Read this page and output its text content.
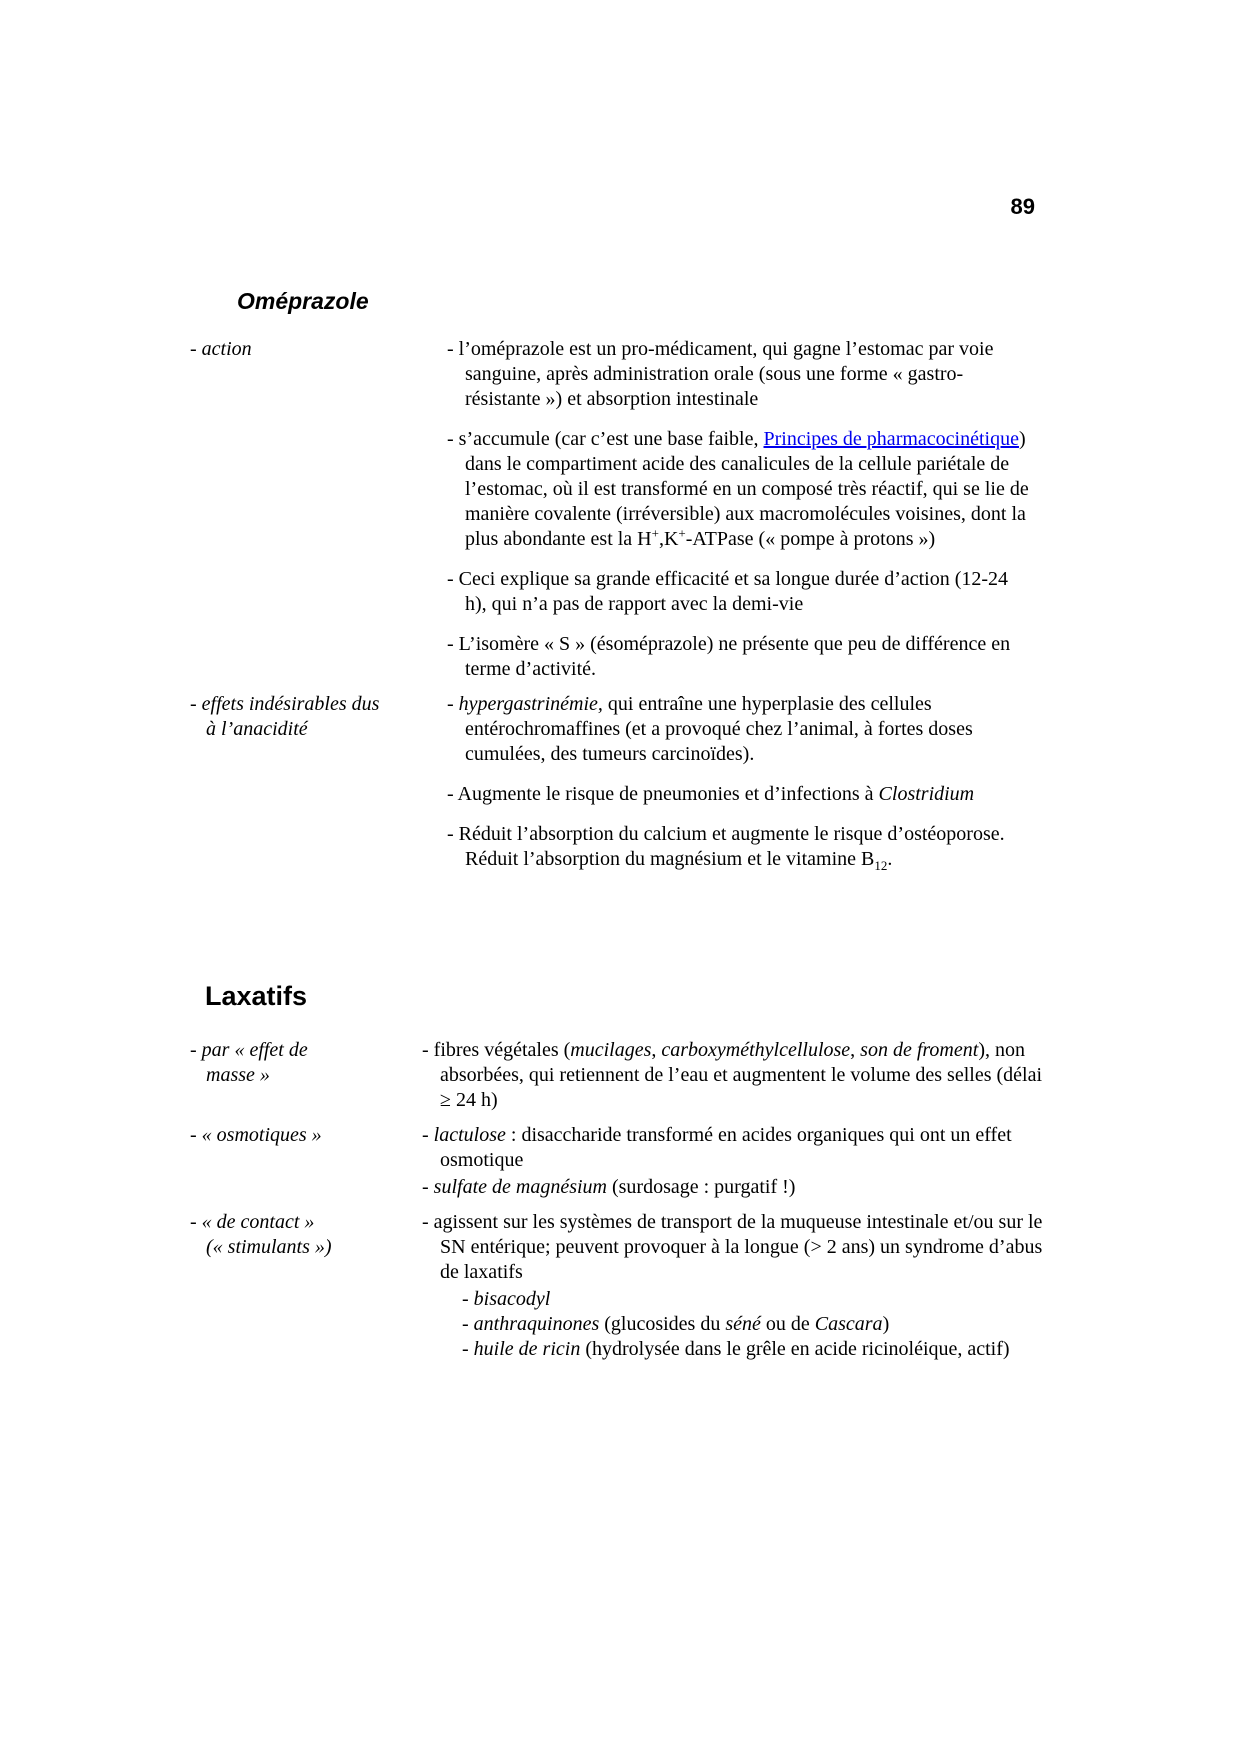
89
Oméprazole
- action	- l’oméprazole est un pro-médicament, qui gagne l’estomac par voie sanguine, après administration orale (sous une forme « gastro-résistante ») et absorption intestinale

- s’accumule (car c’est une base faible, Principes de pharmacocinétique) dans le compartiment acide des canalicules de la cellule pariétale de l’estomac, où il est transformé en un composé très réactif, qui se lie de manière covalente (irréversible) aux macromolécules voisines, dont la plus abondante est la H+,K+-ATPase (« pompe à protons »)

- Ceci explique sa grande efficacité et sa longue durée d’action (12-24 h), qui n’a pas de rapport avec la demi-vie

- L’isomère « S » (ésoméprazole) ne présente que peu de différence en terme d’activité.

- effets indésirables dus
à l’anacidité

- hypergastrinémie, qui entraîne une hyperplasie des cellules entérochromaffines (et a provoqué chez l’animal, à fortes doses cumulées, des tumeurs carcinoïdes).

- Augmente le risque de pneumonies et d’infections à Clostridium

- Réduit l’absorption du calcium et augmente le risque d’ostéoporose. Réduit l’absorption du magnésium et le vitamine $B_{12}$.

Laxatifs
- par « effet de
masse »

- fibres végétales (mucilages, carboxyméthylcellulose, son de froment), non absorbées, qui retiennent de l’eau et augmentent le volume des selles (délai ≥ 24 h)

- « osmotiques »	- lactulose : disaccharide transformé en acides organiques qui ont un effet osmotique

- sulfate de magnésium (surdosage : purgatif !)

- « de contact »
(« stimulants »)

- agissent sur les systèmes de transport de la muqueuse intestinale et/ou sur le SN entérique; peuvent provoquer à la longue (> 2 ans) un syndrome d’abus de laxatifs

- bisacodyl

- anthraquinones (glucosides du séné ou de Cascara)

- huile de ricin (hydrolysée dans le grêle en acide ricinoléique, actif)
